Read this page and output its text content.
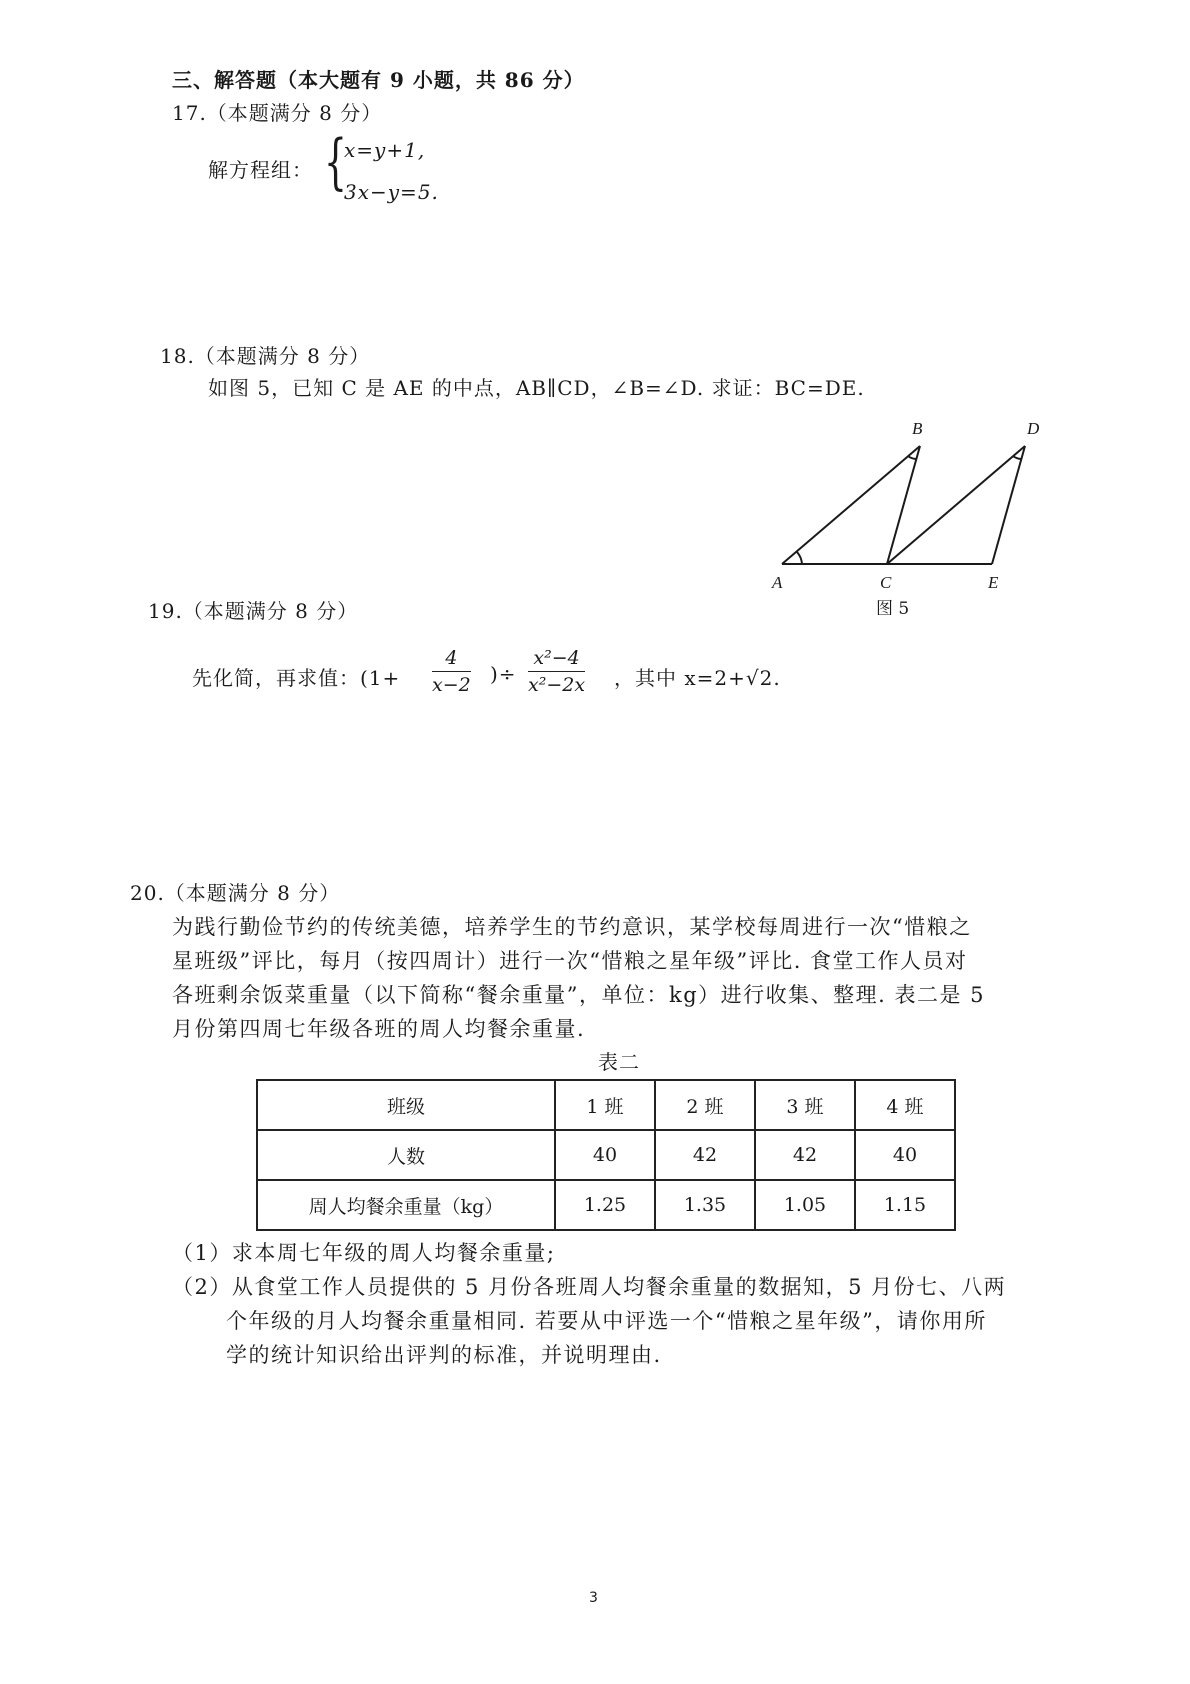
三、解答题（本大题有 9 小题，共 86 分）
17.（本题满分 8 分）
解方程组： {
x=y+1,
3x−y=5.
18.（本题满分 8 分）
如图 5，已知 C 是 AE 的中点，AB∥CD，∠B=∠D. 求证：BC=DE.
B	D
A	C	E
图 5
19.（本题满分 8 分）
先化简，再求值：($1+ \frac{4}{x-2}$ )÷ $\frac{\text{x²−4}}{\text{x²−2x}}$ ，其中 x=2+√2.
20.（本题满分 8 分）
为践行勤俭节约的传统美德，培养学生的节约意识，某学校每周进行一次“惜粮之
星班级”评比，每月（按四周计）进行一次“惜粮之星年级”评比. 食堂工作人员对
各班剩余饭菜重量（以下简称“餐余重量”，单位：kg）进行收集、整理. 表二是 5
月份第四周七年级各班的周人均餐余重量.
表二
班级	1 班	2 班	3 班	4 班
人数	40	42	42	40
周人均餐余重量（kg）	1.25	1.35	1.05	1.15
（1）求本周七年级的周人均餐余重量;
（2）从食堂工作人员提供的 5 月份各班周人均餐余重量的数据知，5 月份七、八两
个年级的月人均餐余重量相同. 若要从中评选一个“惜粮之星年级”，请你用所
学的统计知识给出评判的标准，并说明理由.
3
